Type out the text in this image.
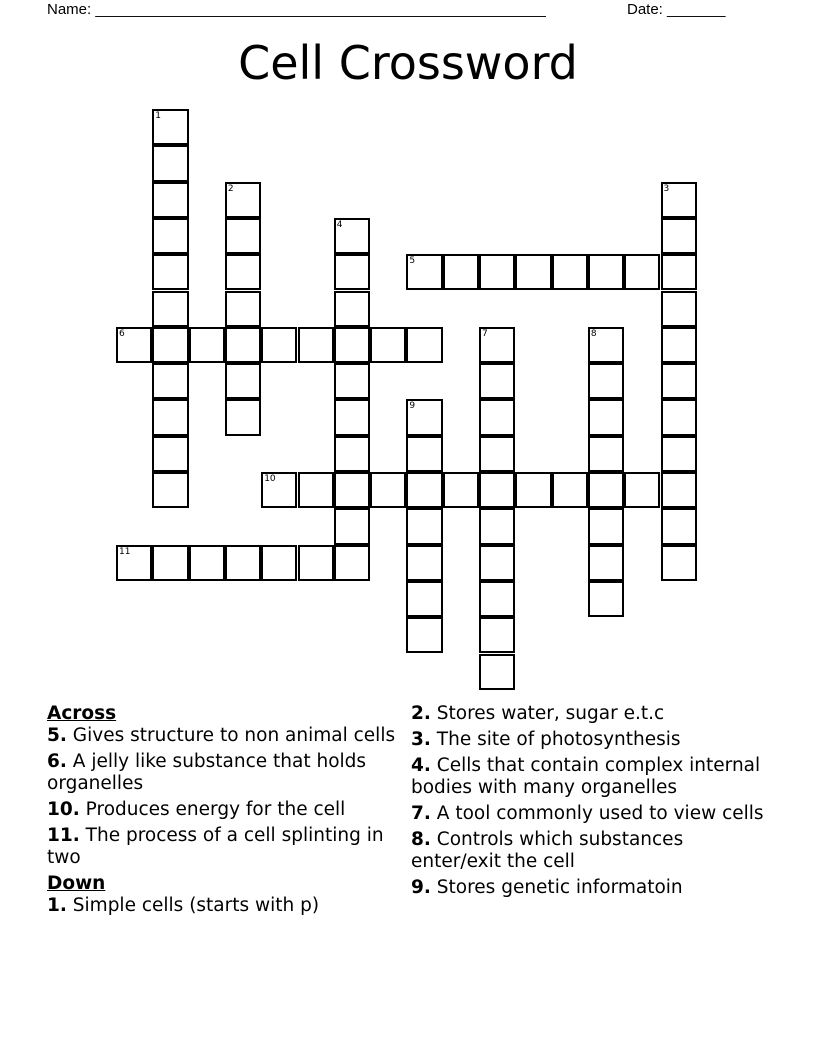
Name: ______________________________________________________	Date: _______
Cell Crossword
1
2	3
4
5
6	7	8
9
10
11
Across
5. Gives structure to non animal cells
6. A jelly like substance that holds organelles
10. Produces energy for the cell
11. The process of a cell splinting in two
Down
1. Simple cells (starts with p)
2. Stores water, sugar e.t.c
3. The site of photosynthesis
4. Cells that contain complex internal bodies with many organelles
7. A tool commonly used to view cells
8. Controls which substances enter/exit the cell
9. Stores genetic informatoin
